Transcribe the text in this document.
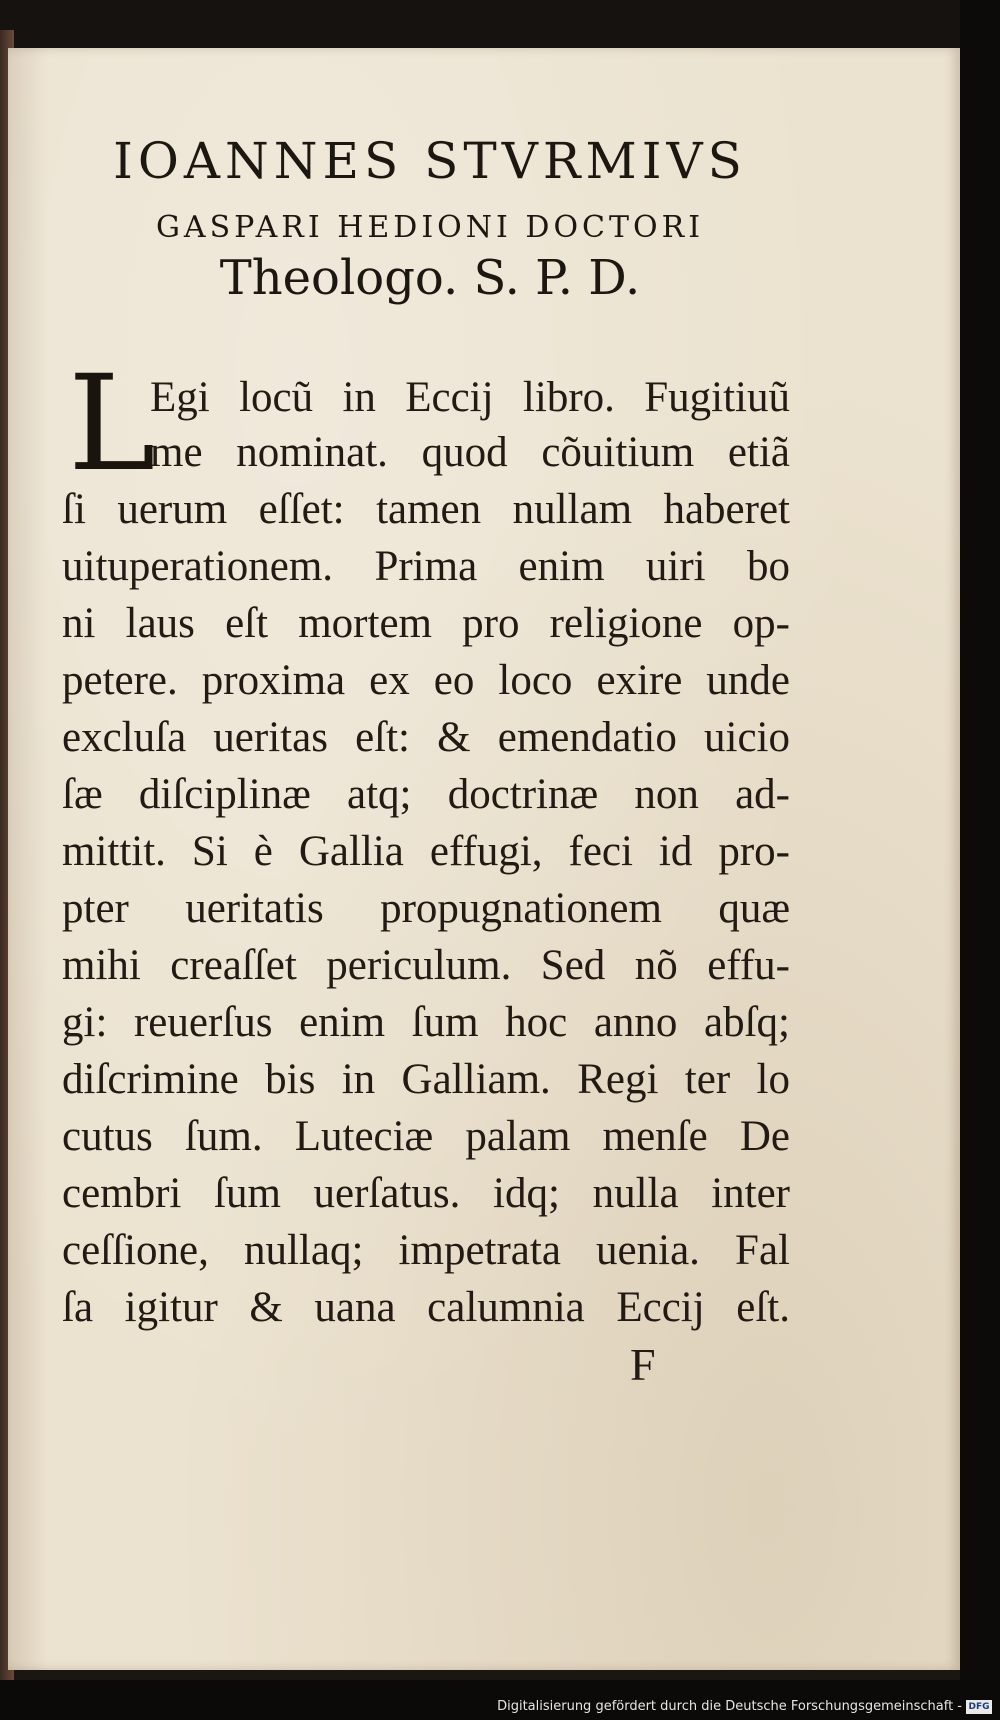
IOANNES STVRMIVS
GASPARI HEDIONI DOCTORI
Theologo. S. P. D.
L
Egi locũ in Eccij libro. Fugitiuũ
me nominat. quod cõuitium etiã
ſi uerum eſſet: tamen nullam haberet
uituperationem. Prima enim uiri bo
ni laus eſt mortem pro religione op-
petere. proxima ex eo loco exire unde
excluſa ueritas eſt: & emendatio uicio
ſæ diſciplinæ atq; doctrinæ non ad-
mittit. Si è Gallia effugi, feci id pro-
pter ueritatis propugnationem quæ
mihi creaſſet periculum. Sed nõ effu-
gi: reuerſus enim ſum hoc anno abſq;
diſcrimine bis in Galliam. Regi ter lo
cutus ſum. Luteciæ palam menſe De
cembri ſum uerſatus. idq; nulla inter
ceſſione, nullaq; impetrata uenia. Fal
ſa igitur & uana calumnia Eccij eſt.
F
Digitalisierung gefördert durch die Deutsche Forschungsgemeinschaft - DFG
